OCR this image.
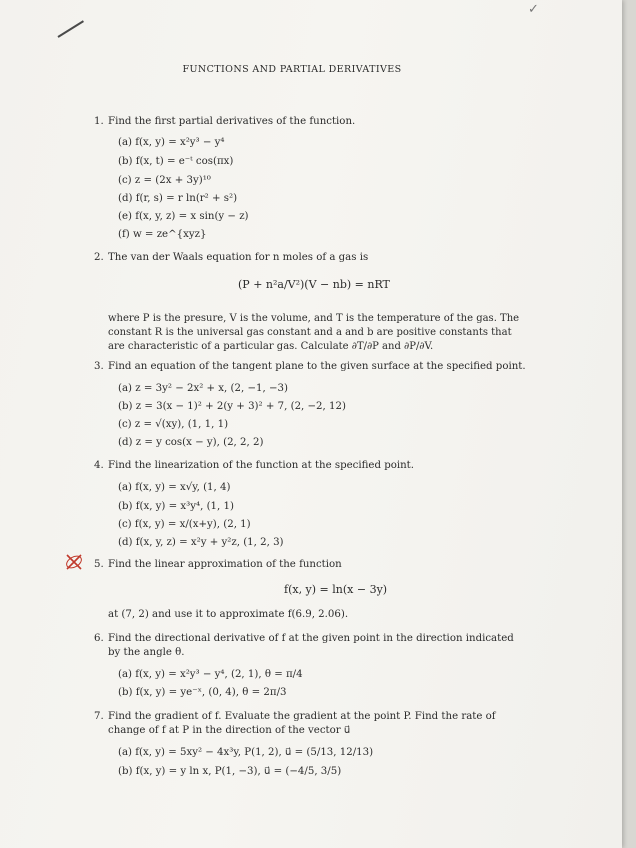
✓
FUNCTIONS AND PARTIAL DERIVATIVES
1. Find the first partial derivatives of the function.
(a) f(x, y) = x²y³ − y⁴
(b) f(x, t) = e⁻ᵗ cos(πx)
(c) z = (2x + 3y)¹⁰
(d) f(r, s) = r ln(r² + s²)
(e) f(x, y, z) = x sin(y − z)
(f) w = ze^{xyz}
2. The van der Waals equation for n moles of a gas is
(P + n²a/V²)(V − nb) = nRT
where P is the presure, V is the volume, and T is the temperature of the gas. The
constant R is the universal gas constant and a and b are positive constants that
are characteristic of a particular gas. Calculate ∂T/∂P and ∂P/∂V.
3. Find an equation of the tangent plane to the given surface at the specified point.
(a) z = 3y² − 2x² + x, (2, −1, −3)
(b) z = 3(x − 1)² + 2(y + 3)² + 7, (2, −2, 12)
(c) z = √(xy), (1, 1, 1)
(d) z = y cos(x − y), (2, 2, 2)
4. Find the linearization of the function at the specified point.
(a) f(x, y) = x√y, (1, 4)
(b) f(x, y) = x³y⁴, (1, 1)
(c) f(x, y) = x/(x+y), (2, 1)
(d) f(x, y, z) = x²y + y²z, (1, 2, 3)
5. Find the linear approximation of the function
f(x, y) = ln(x − 3y)
at (7, 2) and use it to approximate f(6.9, 2.06).
6. Find the directional derivative of f at the given point in the direction indicated
by the angle θ.
(a) f(x, y) = x²y³ − y⁴, (2, 1), θ = π/4
(b) f(x, y) = ye⁻ˣ, (0, 4), θ = 2π/3
7. Find the gradient of f. Evaluate the gradient at the point P. Find the rate of
change of f at P in the direction of the vector u⃗
(a) f(x, y) = 5xy² − 4x³y, P(1, 2), u⃗ = (5/13, 12/13)
(b) f(x, y) = y ln x, P(1, −3), u⃗ = (−4/5, 3/5)
